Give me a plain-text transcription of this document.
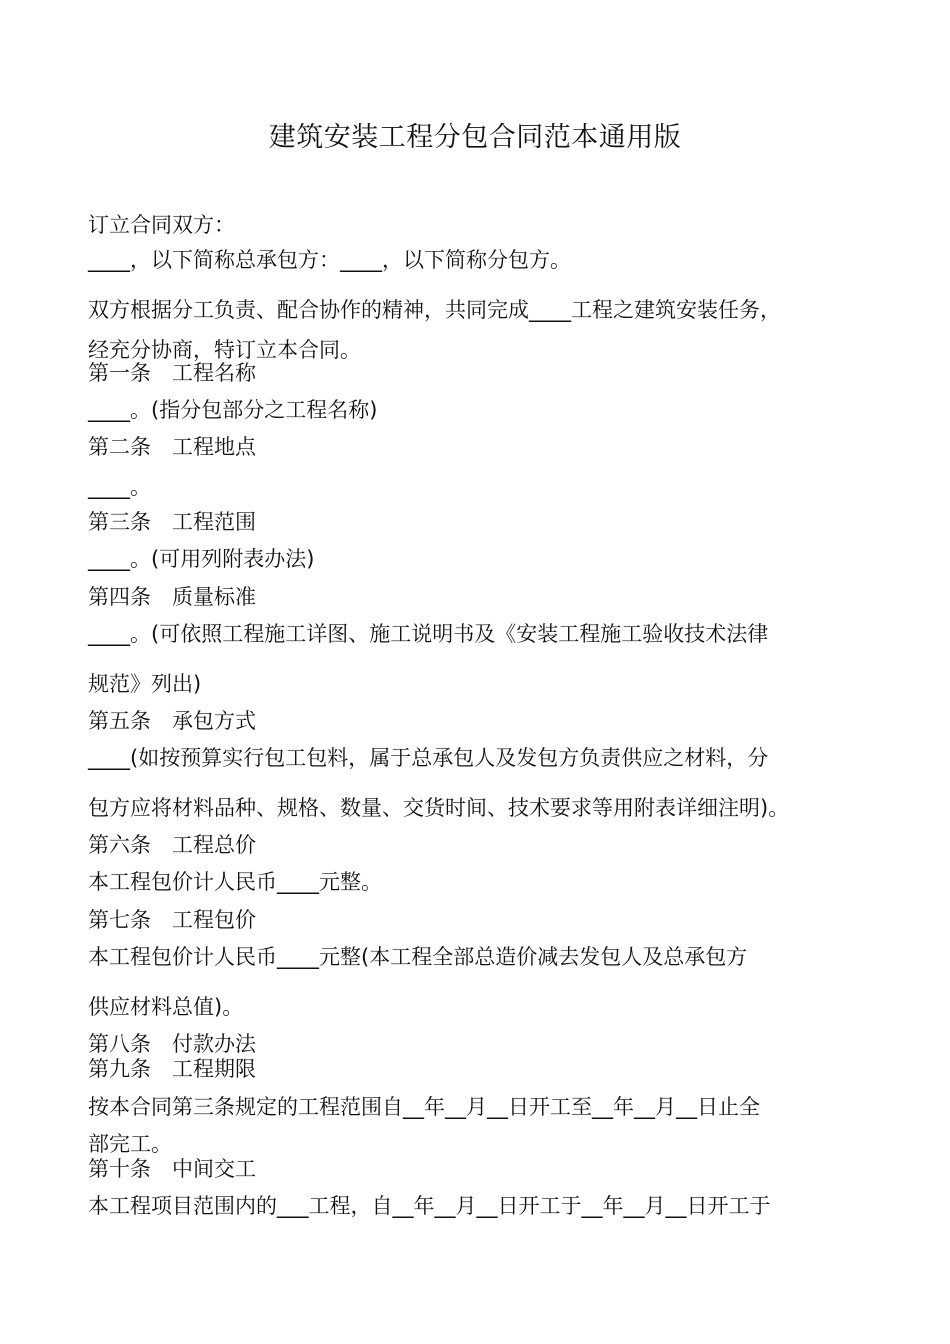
建筑安装工程分包合同范本通用版
订立合同双方：
____，以下简称总承包方：____，以下简称分包方。
双方根据分工负责、配合协作的精神，共同完成____工程之建筑安装任务，
经充分协商，特订立本合同。
第一条　工程名称
____。(指分包部分之工程名称)
第二条　工程地点
____。
第三条　工程范围
____。(可用列附表办法)
第四条　质量标准
____。(可依照工程施工详图、施工说明书及《安装工程施工验收技术法律
规范》列出)
第五条　承包方式
____(如按预算实行包工包料，属于总承包人及发包方负责供应之材料，分
包方应将材料品种、规格、数量、交货时间、技术要求等用附表详细注明)。
第六条　工程总价
本工程包价计人民币____元整。
第七条　工程包价
本工程包价计人民币____元整(本工程全部总造价减去发包人及总承包方
供应材料总值)。
第八条　付款办法
第九条　工程期限
按本合同第三条规定的工程范围自__年__月__日开工至__年__月__日止全
部完工。
第十条　中间交工
本工程项目范围内的___工程，自__年__月__日开工于__年__月__日开工于
